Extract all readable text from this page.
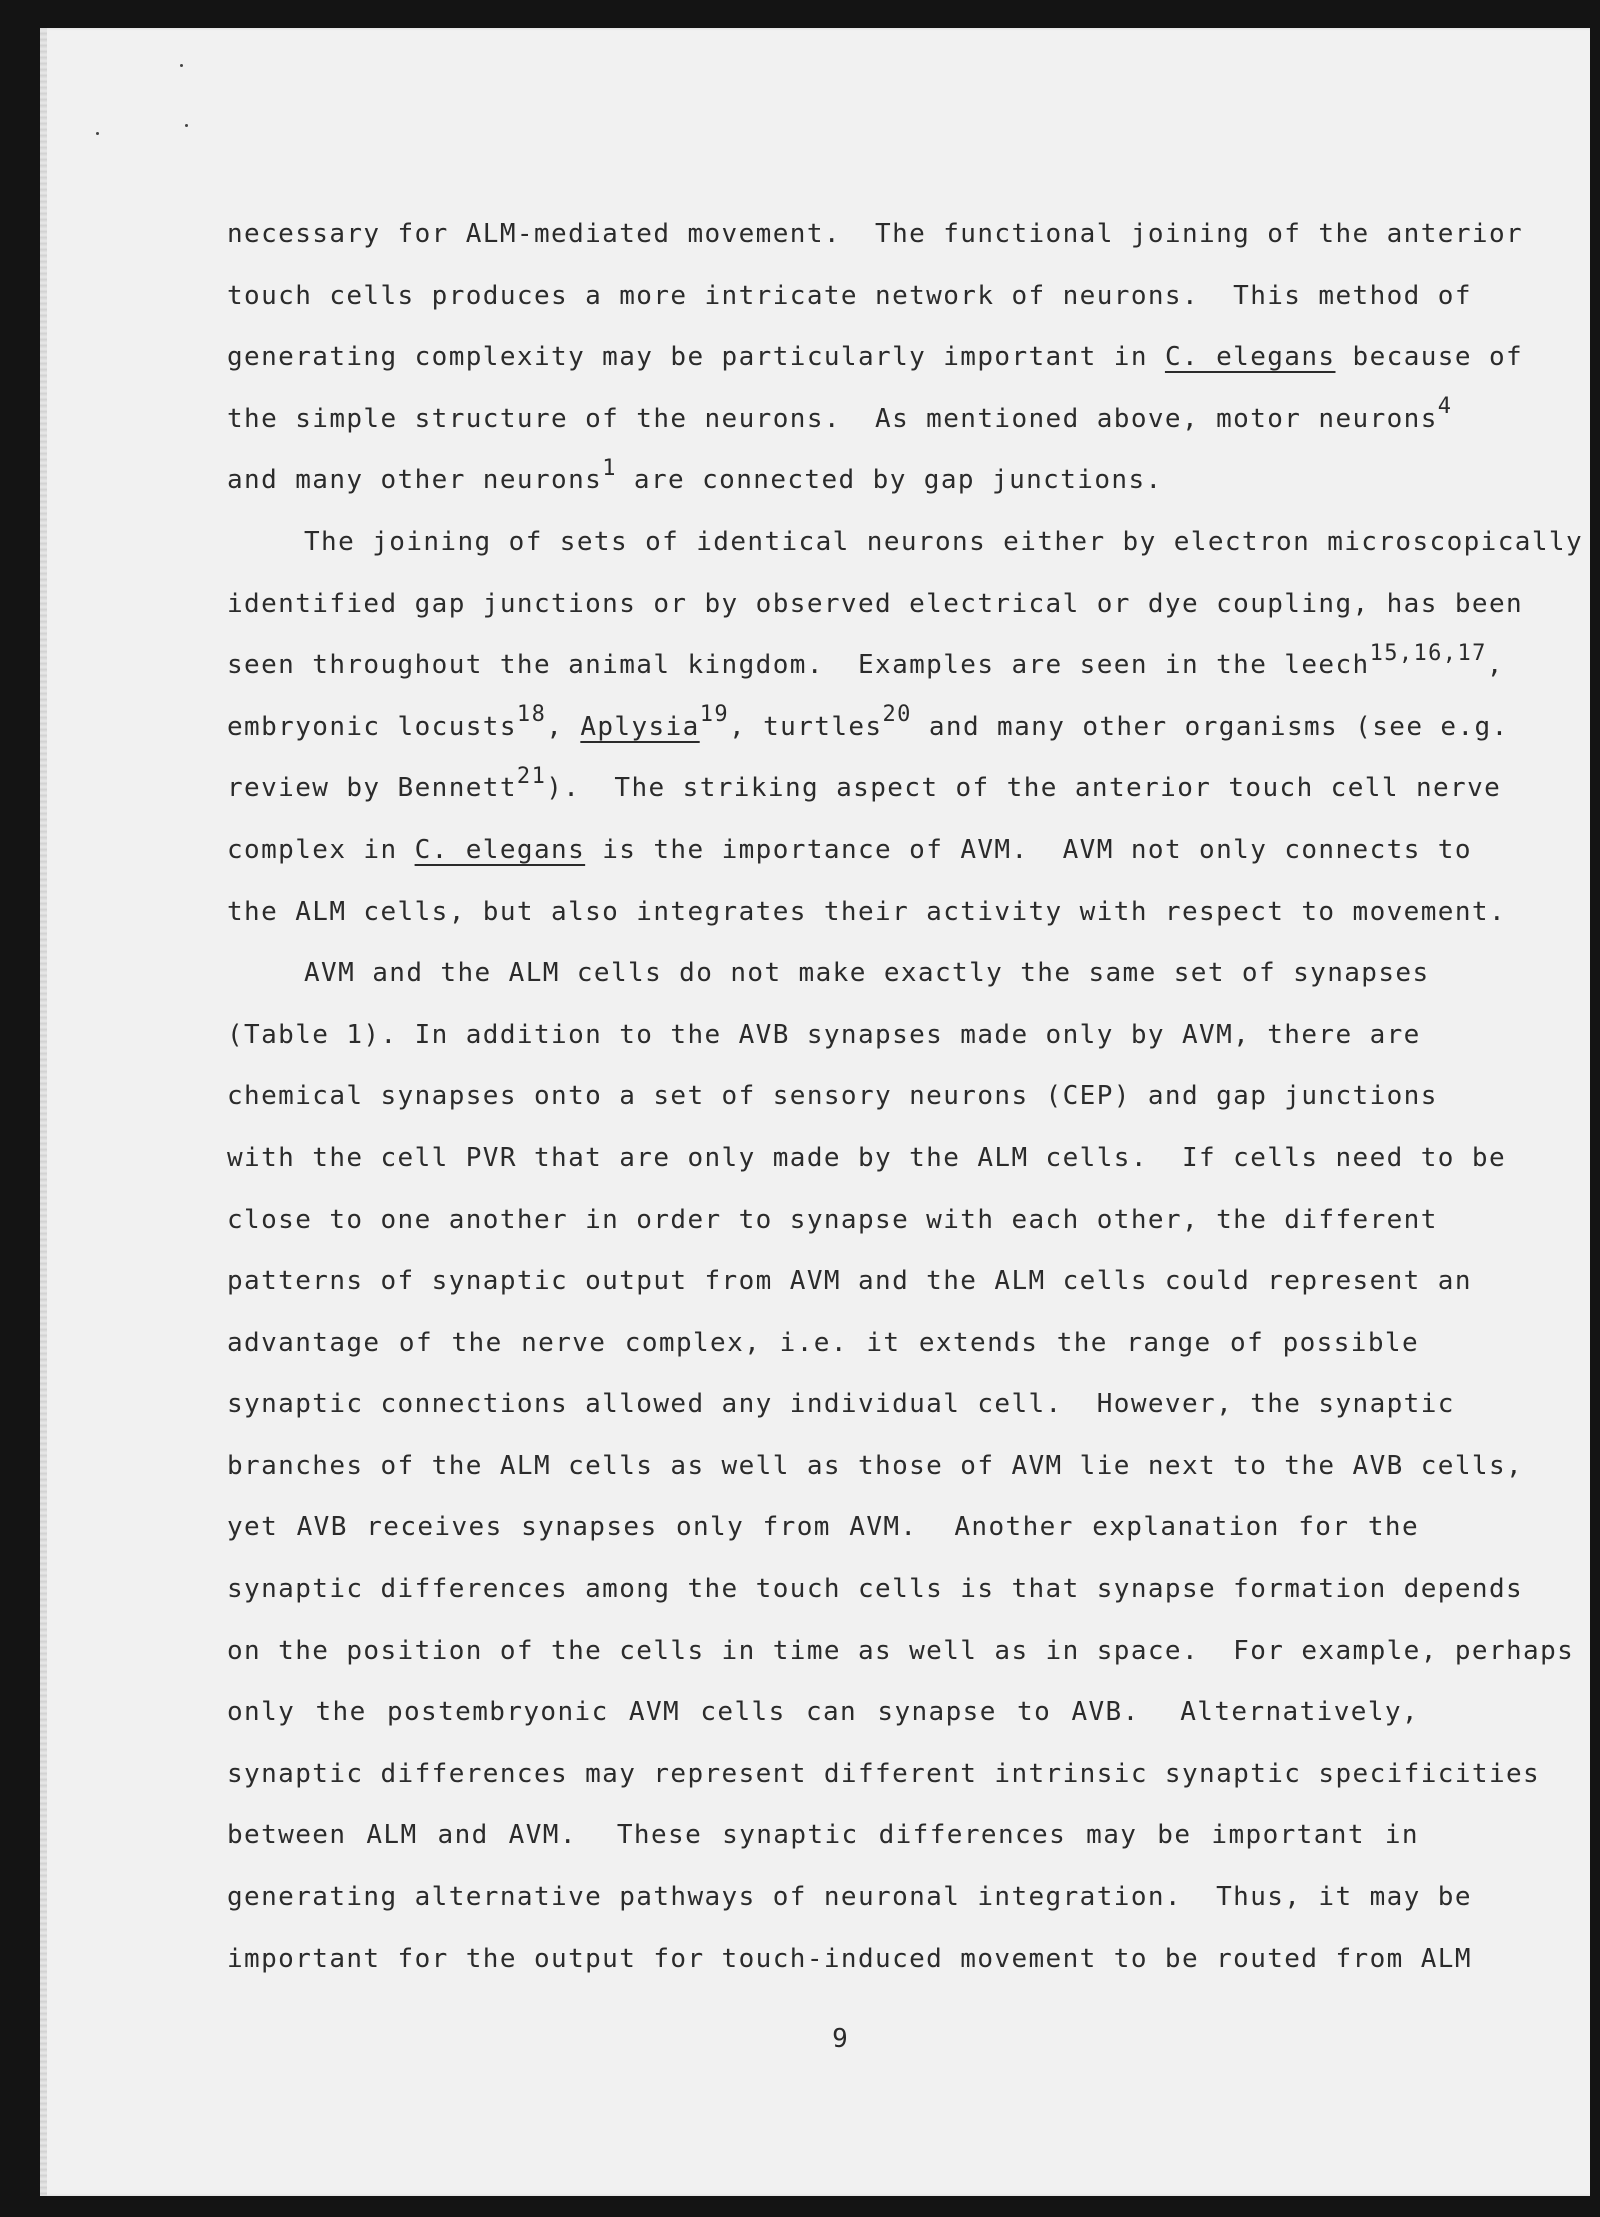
necessary for ALM-mediated movement.  The functional joining of the anterior
touch cells produces a more intricate network of neurons.  This method of
generating complexity may be particularly important in C. elegans because of
the simple structure of the neurons.  As mentioned above, motor neurons$^4$
and many other neurons$^1$ are connected by gap junctions.
The joining of sets of identical neurons either by electron microscopically
identified gap junctions or by observed electrical or dye coupling, has been
seen throughout the animal kingdom.  Examples are seen in the leech$^{15,16,17}$,
embryonic locusts$^{18}$, Aplysia$^{19}$, turtles$^{20}$ and many other organisms (see e.g.
review by Bennett$^{21}$).  The striking aspect of the anterior touch cell nerve
complex in C. elegans is the importance of AVM.  AVM not only connects to
the ALM cells, but also integrates their activity with respect to movement.
AVM and the ALM cells do not make exactly the same set of synapses
(Table 1). In addition to the AVB synapses made only by AVM, there are
chemical synapses onto a set of sensory neurons (CEP) and gap junctions
with the cell PVR that are only made by the ALM cells.  If cells need to be
close to one another in order to synapse with each other, the different
patterns of synaptic output from AVM and the ALM cells could represent an
advantage of the nerve complex, i.e. it extends the range of possible
synaptic connections allowed any individual cell.  However, the synaptic
branches of the ALM cells as well as those of AVM lie next to the AVB cells,
yet AVB receives synapses only from AVM.  Another explanation for the
synaptic differences among the touch cells is that synapse formation depends
on the position of the cells in time as well as in space.  For example, perhaps
only the postembryonic AVM cells can synapse to AVB.  Alternatively,
synaptic differences may represent different intrinsic synaptic specificities
between ALM and AVM.  These synaptic differences may be important in
generating alternative pathways of neuronal integration.  Thus, it may be
important for the output for touch-induced movement to be routed from ALM
9
